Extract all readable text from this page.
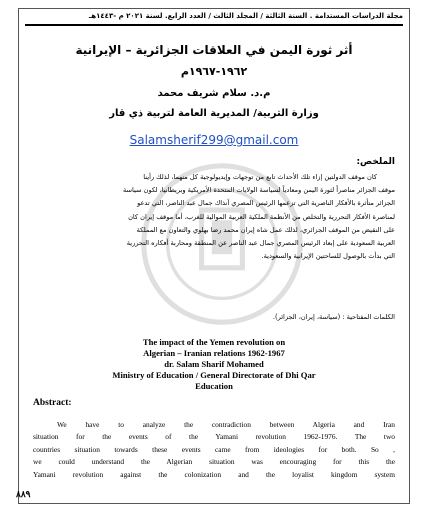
مجلة الدراسات المستدامة . السنة الثالثة / المجلد الثالث / العدد الرابع. لسنة ٢٠٢١ م -١٤٤٣هـ
أثر ثورة اليمن في العلاقات الجزائرية – الإيرانية
١٩٦٢-١٩٦٧م
م.د. سلام شريف محمد
وزارة التربية/ المديرية العامة لتربية ذي قار
Salamsherif299@gmail.com
الملخص:
كان موقف الدولتين إزاء تلك الأحداث تابع من توجهات وإيديولوجية كل منهما، لذلك رأينا
موقف الجزائر مناصراً لثورة اليمن ومعادياً لسياسة الولايات المتحدة الأمريكية وبريطانيا، لكون سياسة
الجزائر متأثرة بالأفكار الناصرية التي تزعمها الرئيس المصري آنذاك جمال عبد الناصر، التي تدعو
لمناصرة الأفكار التحررية والتخلص من الأنظمة الملكية العربية الموالية للغرب، أما موقف إيران كان
على النقيض من الموقف الجزائري، لذلك عمل شاه إيران محمد رضا بهلوي والتعاون مع المملكة
العربية السعودية على إبعاد الرئيس المصري جمال عبد الناصر عن المنطقة ومحاربة أفكاره التحررية
التي بدأت بالوصول للساحتين الإيرانية والسعودية.
الكلمات المفتاحية : (سياسة، إيران، الجزائر).
The impact of the Yemen revolution on
Algerian – Iranian relations 1962-1967
dr. Salam Sharif Mohamed
Ministry of Education / General Directorate of Dhi Qar
Education
Abstract:
We have to analyze the contradiction between Algeria and Iran
situation for the events of the Yamani revolution 1962-1976. The two
countries situation towards these events came from ideologies for both. So ,
we could understand the Algerian situation was encouraging for this the
Yamani revolution against the colonization and the loyalist kingdom system
٨٨٩
